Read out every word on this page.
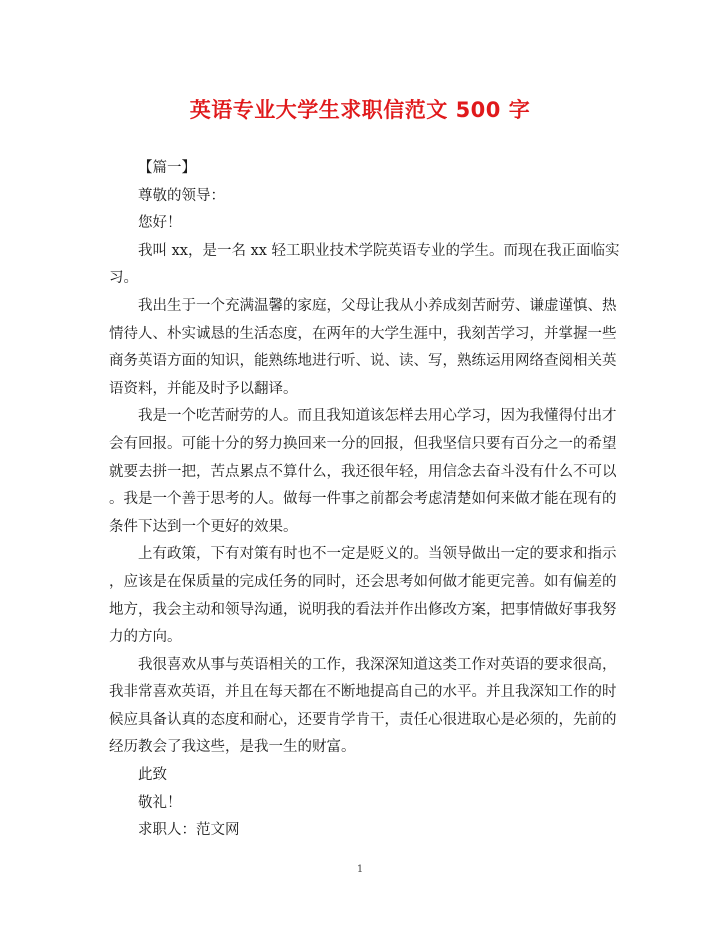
英语专业大学生求职信范文 500 字

【篇一】

尊敬的领导：

您好！

我叫 xx，是一名 xx 轻工职业技术学院英语专业的学生。而现在我正面临实

习。

我出生于一个充满温馨的家庭，父母让我从小养成刻苦耐劳、谦虚谨慎、热

情待人、朴实诚恳的生活态度，在两年的大学生涯中，我刻苦学习，并掌握一些

商务英语方面的知识，能熟练地进行听、说、读、写，熟练运用网络查阅相关英

语资料，并能及时予以翻译。

我是一个吃苦耐劳的人。而且我知道该怎样去用心学习，因为我懂得付出才

会有回报。可能十分的努力换回来一分的回报，但我坚信只要有百分之一的希望

就要去拼一把，苦点累点不算什么，我还很年轻，用信念去奋斗没有什么不可以

。我是一个善于思考的人。做每一件事之前都会考虑清楚如何来做才能在现有的

条件下达到一个更好的效果。

上有政策，下有对策有时也不一定是贬义的。当领导做出一定的要求和指示

，应该是在保质量的完成任务的同时，还会思考如何做才能更完善。如有偏差的

地方，我会主动和领导沟通，说明我的看法并作出修改方案，把事情做好事我努

力的方向。

我很喜欢从事与英语相关的工作，我深深知道这类工作对英语的要求很高，

我非常喜欢英语，并且在每天都在不断地提高自己的水平。并且我深知工作的时

候应具备认真的态度和耐心，还要肯学肯干，责任心很进取心是必须的，先前的

经历教会了我这些，是我一生的财富。

此致

敬礼！

求职人：范文网

1
